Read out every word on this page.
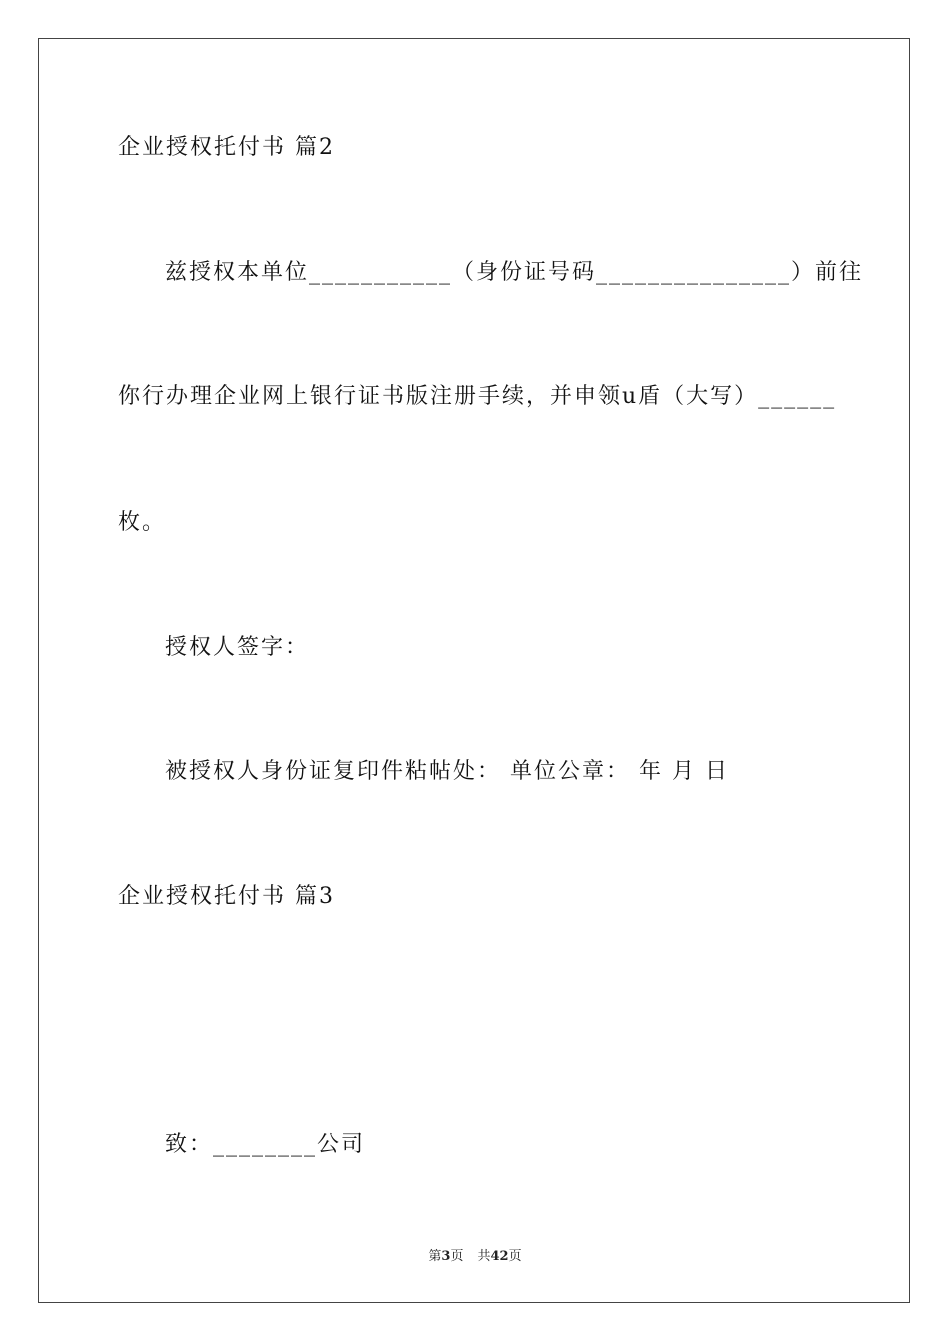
企业授权托付书 篇2
兹授权本单位___________（身份证号码_______________）前往
你行办理企业网上银行证书版注册手续，并申领u盾（大写）______
枚。
授权人签字：
被授权人身份证复印件粘帖处： 单位公章： 年 月 日
企业授权托付书 篇3
致：________公司
第3页 共42页
